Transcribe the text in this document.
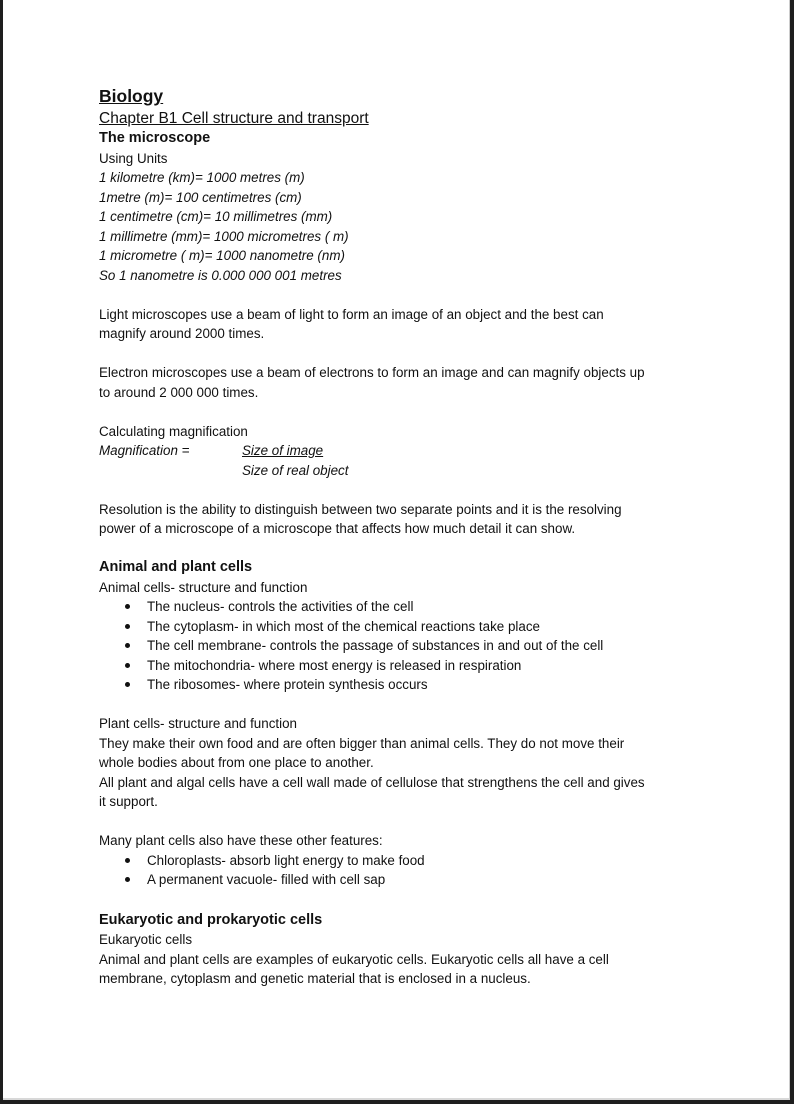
Biology
Chapter B1 Cell structure and transport
The microscope
Using Units
1 kilometre (km)= 1000 metres (m)
1metre (m)= 100 centimetres (cm)
1 centimetre (cm)= 10 millimetres (mm)
1 millimetre (mm)= 1000 micrometres ( m)
1 micrometre ( m)= 1000 nanometre (nm)
So 1 nanometre is 0.000 000 001 metres
Light microscopes use a beam of light to form an image of an object and the best can
magnify around 2000 times.
Electron microscopes use a beam of electrons to form an image and can magnify objects up
to around 2 000 000 times.
Calculating magnification
Magnification =	Size of image
Size of real object
Resolution is the ability to distinguish between two separate points and it is the resolving
power of a microscope of a microscope that affects how much detail it can show.
Animal and plant cells
Animal cells- structure and function
The nucleus- controls the activities of the cell
The cytoplasm- in which most of the chemical reactions take place
The cell membrane- controls the passage of substances in and out of the cell
The mitochondria- where most energy is released in respiration
The ribosomes- where protein synthesis occurs
Plant cells- structure and function
They make their own food and are often bigger than animal cells. They do not move their
whole bodies about from one place to another.
All plant and algal cells have a cell wall made of cellulose that strengthens the cell and gives
it support.
Many plant cells also have these other features:
Chloroplasts- absorb light energy to make food
A permanent vacuole- filled with cell sap
Eukaryotic and prokaryotic cells
Eukaryotic cells
Animal and plant cells are examples of eukaryotic cells. Eukaryotic cells all have a cell
membrane, cytoplasm and genetic material that is enclosed in a nucleus.
